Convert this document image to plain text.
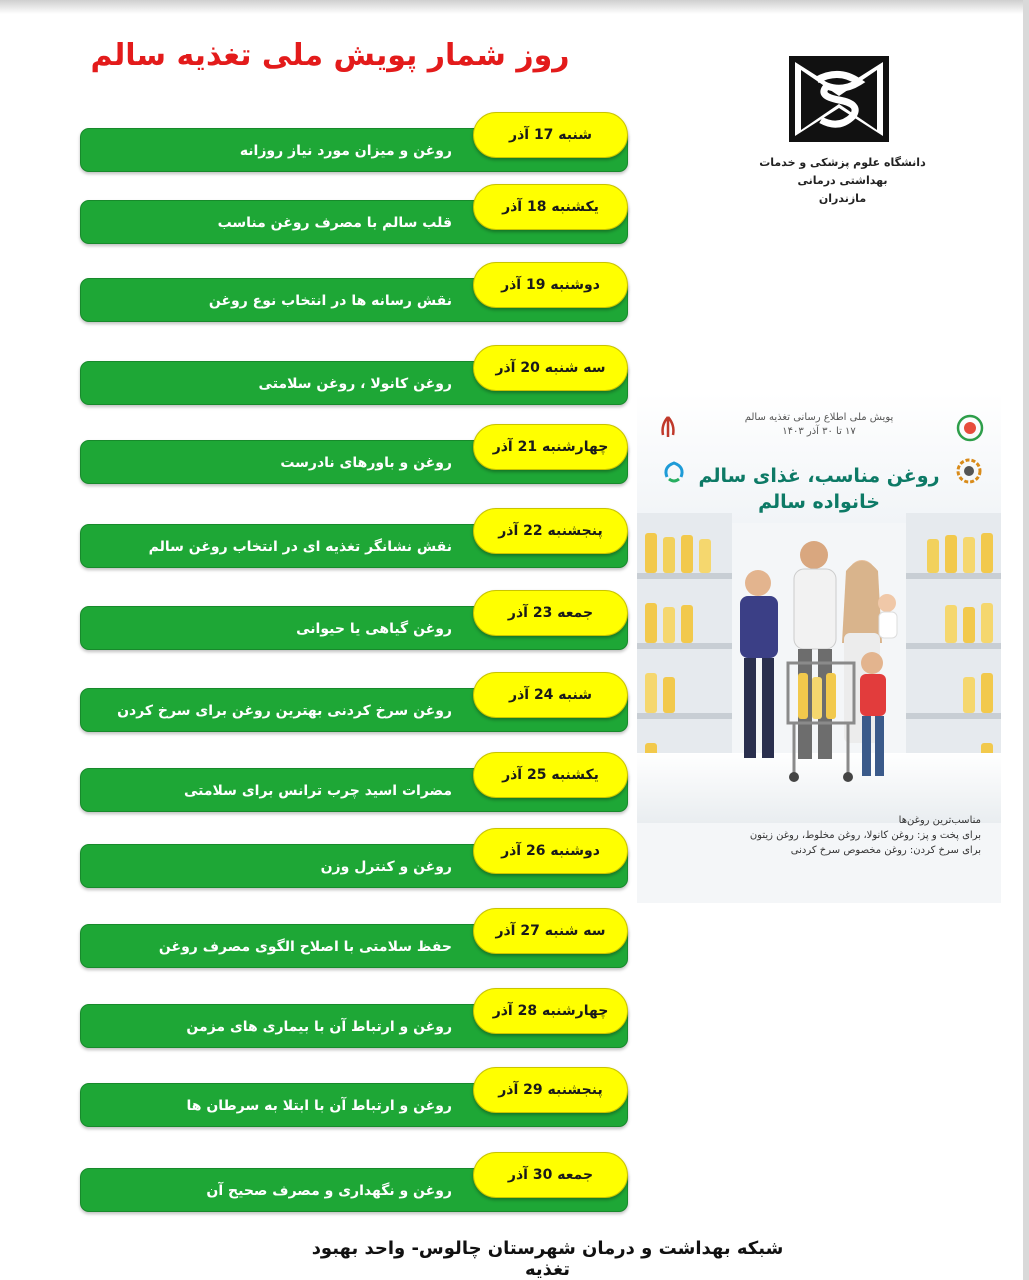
روز شمار پویش ملی تغذیه سالم
دانشگاه علوم پزشکی و خدمات بهداشتی درمانی
مازندران
روغن و میزان مورد نیاز روزانه
شنبه 17 آذر
قلب سالم با مصرف روغن مناسب
یکشنبه 18 آذر
نقش رسانه ها در انتخاب نوع روغن
دوشنبه 19 آذر
روغن کانولا ، روغن سلامتی
سه شنبه 20 آذر
روغن و باورهای نادرست
چهارشنبه 21 آذر
نقش نشانگر تغذیه ای در انتخاب روغن سالم
پنجشنبه 22 آذر
روغن گیاهی یا حیوانی
جمعه 23 آذر
روغن سرخ کردنی بهترین روغن برای سرخ کردن
شنبه 24 آذر
مضرات اسید چرب ترانس برای سلامتی
یکشنبه 25 آذر
روغن و کنترل وزن
دوشنبه 26 آذر
حفظ سلامتی با اصلاح الگوی مصرف روغن
سه شنبه 27 آذر
روغن و ارتباط آن با بیماری های مزمن
چهارشنبه 28 آذر
روغن و ارتباط آن با ابتلا به سرطان ها
پنجشنبه 29 آذر
روغن و نگهداری و مصرف صحیح آن
جمعه 30 آذر
پویش ملی اطلاع رسانی تغذیه سالم
۱۷ تا ۳۰ آذر ۱۴۰۳
روغن مناسب، غذای سالم
خانواده سالم
مناسب‌ترین روغن‌ها
برای پخت و پز: روغن کانولا، روغن مخلوط، روغن زیتون
برای سرخ کردن: روغن مخصوص سرخ کردنی
شبکه بهداشت و درمان شهرستان چالوس- واحد بهبود تغذیه
